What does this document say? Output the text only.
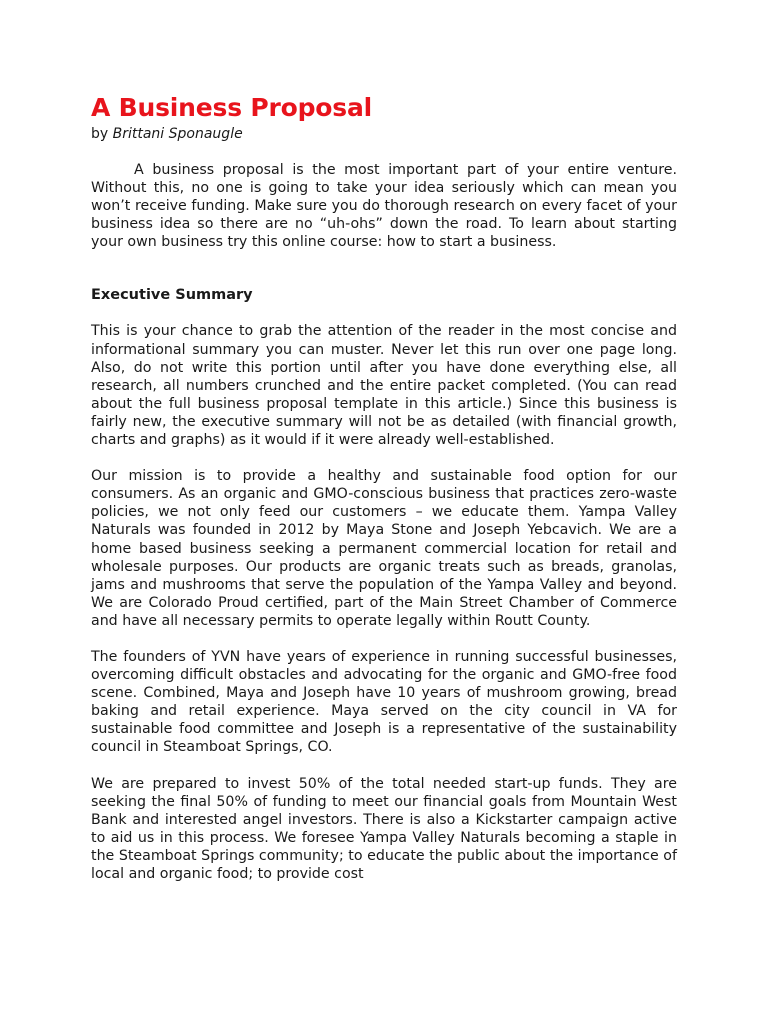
A Business Proposal

by Brittani Sponaugle

A business proposal is the most important part of your entire venture. Without this, no one is going to take your idea seriously which can mean you won’t receive funding. Make sure you do thorough research on every facet of your business idea so there are no “uh-ohs” down the road. To learn about starting your own business try this online course: how to start a business.

Executive Summary

This is your chance to grab the attention of the reader in the most concise and informational summary you can muster. Never let this run over one page long. Also, do not write this portion until after you have done everything else, all research, all numbers crunched and the entire packet completed. (You can read about the full business proposal template in this article.) Since this business is fairly new, the executive summary will not be as detailed (with financial growth, charts and graphs) as it would if it were already well-established.

Our mission is to provide a healthy and sustainable food option for our consumers. As an organic and GMO-conscious business that practices zero-waste policies, we not only feed our customers – we educate them. Yampa Valley Naturals was founded in 2012 by Maya Stone and Joseph Yebcavich. We are a home based business seeking a permanent commercial location for retail and wholesale purposes. Our products are organic treats such as breads, granolas, jams and mushrooms that serve the population of the Yampa Valley and beyond. We are Colorado Proud certified, part of the Main Street Chamber of Commerce and have all necessary permits to operate legally within Routt County.

The founders of YVN have years of experience in running successful businesses, overcoming difficult obstacles and advocating for the organic and GMO-free food scene. Combined, Maya and Joseph have 10 years of mushroom growing, bread baking and retail experience. Maya served on the city council in VA for sustainable food committee and Joseph is a representative of the sustainability council in Steamboat Springs, CO.

We are prepared to invest 50% of the total needed start-up funds. They are seeking the final 50% of funding to meet our financial goals from Mountain West Bank and interested angel investors. There is also a Kickstarter campaign active to aid us in this process. We foresee Yampa Valley Naturals becoming a staple in the Steamboat Springs community; to educate the public about the importance of local and organic food; to provide cost
